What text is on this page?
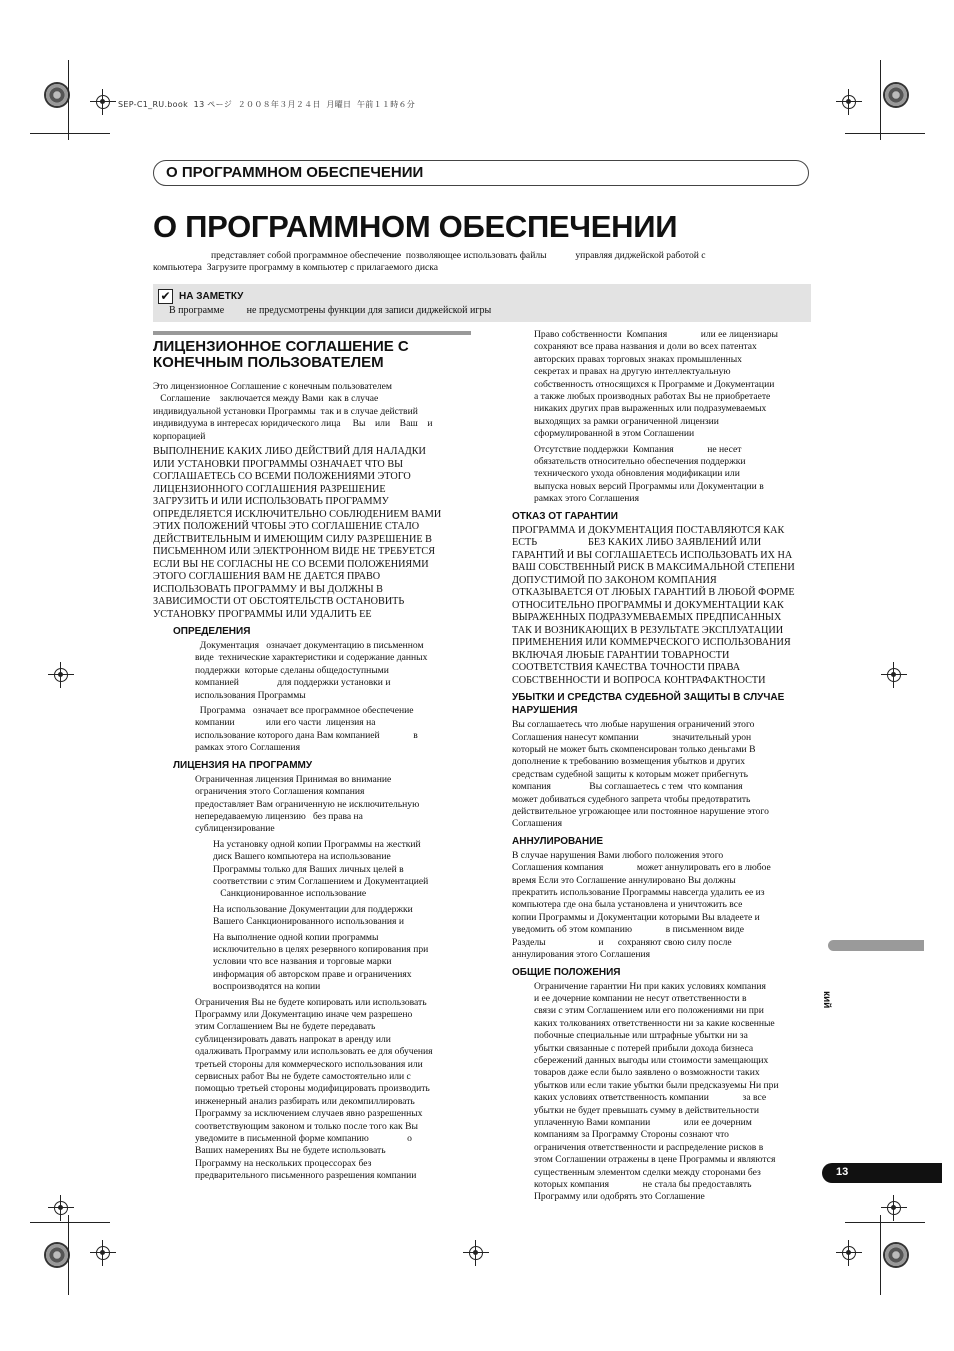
SEP-C1_RU.book  13 ページ  ２００８年３月２４日  月曜日  午前１１時６分
О ПРОГРАММНОМ ОБЕСПЕЧЕНИИ
О ПРОГРАММНОМ ОБЕСПЕЧЕНИИ
представляет собой программное обеспечение  позволяющее использовать файлы            управляя диджейской работой с
компьютера  Загрузите программу в компьютер с прилагаемого диска
✔ НА ЗАМЕТКУ
В программе         не предусмотрены функции для записи диджейской игры
ЛИЦЕНЗИОННОЕ СОГЛАШЕНИЕ С
КОНЕЧНЫМ ПОЛЬЗОВАТЕЛЕМ
Это лицензионное Соглашение с конечным пользователем
Соглашение    заключается между Вами  как в случае
индивидуальной установки Программы  так и в случае действий
индивидуума в интересах юридического лица     Вы    или    Ваш    и
корпорацией
ВЫПОЛНЕНИЕ КАКИХ ЛИБО ДЕЙСТВИЙ ДЛЯ НАЛАДКИ
ИЛИ УСТАНОВКИ ПРОГРАММЫ ОЗНАЧАЕТ ЧТО ВЫ
СОГЛАШАЕТЕСЬ СО ВСЕМИ ПОЛОЖЕНИЯМИ ЭТОГО
ЛИЦЕНЗИОННОГО СОГЛАШЕНИЯ РАЗРЕШЕНИЕ
ЗАГРУЗИТЬ И ИЛИ ИСПОЛЬЗОВАТЬ ПРОГРАММУ
ОПРЕДЕЛЯЕТСЯ ИСКЛЮЧИТЕЛЬНО СОБЛЮДЕНИЕМ ВАМИ
ЭТИХ ПОЛОЖЕНИЙ ЧТОБЫ ЭТО СОГЛАШЕНИЕ СТАЛО
ДЕЙСТВИТЕЛЬНЫМ И ИМЕЮЩИМ СИЛУ РАЗРЕШЕНИЕ В
ПИСЬМЕННОМ ИЛИ ЭЛЕКТРОННОМ ВИДЕ НЕ ТРЕБУЕТСЯ
ЕСЛИ ВЫ НЕ СОГЛАСНЫ НЕ СО ВСЕМИ ПОЛОЖЕНИЯМИ
ЭТОГО СОГЛАШЕНИЯ ВАМ НЕ ДАЕТСЯ ПРАВО
ИСПОЛЬЗОВАТЬ ПРОГРАММУ И ВЫ ДОЛЖНЫ В
ЗАВИСИМОСТИ ОТ ОБСТОЯТЕЛЬСТВ ОСТАНОВИТЬ
УСТАНОВКУ ПРОГРАММЫ ИЛИ УДАЛИТЬ ЕЕ
ОПРЕДЕЛЕНИЯ
Документация   означает документацию в письменном
виде  технические характеристики и содержание данных
поддержки  которые сделаны общедоступными
компанией                для поддержки установки и
использования Программы
Программа   означает все программное обеспечение
компании             или его части  лицензия на
использование которого дана Вам компанией              в
рамках этого Соглашения
ЛИЦЕНЗИЯ НА ПРОГРАММУ
Ограниченная лицензия Принимая во внимание
ограничения этого Соглашения компания
предоставляет Вам ограниченную не исключительную
непередаваемую лицензию   без права на
сублицензирование
На установку одной копии Программы на жесткий
диск Вашего компьютера на использование
Программы только для Ваших личных целей в
соответствии с этим Соглашением и Документацией
Санкционированное использование
На использование Документации для поддержки
Вашего Санкционированного использования и
На выполнение одной копии программы
исключительно в целях резервного копирования при
условии что все названия и торговые марки
информация об авторском праве и ограничениях
воспроизводятся на копии
Ограничения Вы не будете копировать или использовать
Программу или Документацию иначе чем разрешено
этим Соглашением Вы не будете передавать
сублицензировать давать напрокат в аренду или
одалживать Программу или использовать ее для обучения
третьей стороны для коммерческого использования или
сервисных работ Вы не будете самостоятельно или с
помощью третьей стороны модифицировать производить
инженерный анализ разбирать или декомпиллировать
Программу за исключением случаев явно разрешенных
соответствующим законом и только после того как Вы
уведомите в письменной форме компанию                о
Ваших намерениях Вы не будете использовать
Программу на нескольких процессорах без
предварительного письменного разрешения компании
Право собственности  Компания              или ее лицензиары
сохраняют все права названия и доли во всех патентах
авторских правах торговых знаках промышленных
секретах и правах на другую интеллектуальную
собственность относящихся к Программе и Документации
а также любых производных работах Вы не приобретаете
никаких других прав выраженных или подразумеваемых
выходящих за рамки ограниченной лицензии
сформулированной в этом Соглашении
Отсутствие поддержки  Компания              не несет
обязательств относительно обеспечения поддержки
технического ухода обновления модификации или
выпуска новых версий Программы или Документации в
рамках этого Соглашения
ОТКАЗ ОТ ГАРАНТИИ
ПРОГРАММА И ДОКУМЕНТАЦИЯ ПОСТАВЛЯЮТСЯ КАК
ЕСТЬ                    БЕЗ КАКИХ ЛИБО ЗАЯВЛЕНИЙ ИЛИ
ГАРАНТИЙ И ВЫ СОГЛАШАЕТЕСЬ ИСПОЛЬЗОВАТЬ ИХ НА
ВАШ СОБСТВЕННЫЙ РИСК В МАКСИМАЛЬНОЙ СТЕПЕНИ
ДОПУСТИМОЙ ПО ЗАКОНОМ КОМПАНИЯ
ОТКАЗЫВАЕТСЯ ОТ ЛЮБЫХ ГАРАНТИЙ В ЛЮБОЙ ФОРМЕ
ОТНОСИТЕЛЬНО ПРОГРАММЫ И ДОКУМЕНТАЦИИ КАК
ВЫРАЖЕННЫХ ПОДРАЗУМЕВАЕМЫХ ПРЕДПИСАННЫХ
ТАК И ВОЗНИКАЮЩИХ В РЕЗУЛЬТАТЕ ЭКСПЛУАТАЦИИ
ПРИМЕНЕНИЯ ИЛИ КОММЕРЧЕСКОГО ИСПОЛЬЗОВАНИЯ
ВКЛЮЧАЯ ЛЮБЫЕ ГАРАНТИИ ТОВАРНОСТИ
СООТВЕТСТВИЯ КАЧЕСТВА ТОЧНОСТИ ПРАВА
СОБСТВЕННОСТИ И ВОПРОСА КОНТРАФАКТНОСТИ
УБЫТКИ И СРЕДСТВА СУДЕБНОЙ ЗАЩИТЫ В СЛУЧАЕ
НАРУШЕНИЯ
Вы соглашаетесь что любые нарушения ограничений этого
Соглашения нанесут компании              значительный урон
который не может быть скомпенсирован только деньгами В
дополнение к требованию возмещения убытков и других
средствам судебной защиты к которым может прибегнуть
компания                Вы соглашаетесь с тем  что компания
может добиваться судебного запрета чтобы предотвратить
действительное угрожающее или постоянное нарушение этого
Соглашения
АННУЛИРОВАНИЕ
В случае нарушения Вами любого положения этого
Соглашения компания              может аннулировать его в любое
время Если это Соглашение аннулировано Вы должны
прекратить использование Программы навсегда удалить ее из
компьютера где она была установлена и уничтожить все
копии Программы и Документации которыми Вы владеете и
уведомить об этом компанию              в письменном виде
Разделы                      и      сохраняют свою силу после
аннулирования этого Соглашения
ОБЩИЕ ПОЛОЖЕНИЯ
Ограничение гарантии Ни при каких условиях компания
и ее дочерние компании не несут ответственности в
связи с этим Соглашением или его положениями ни при
каких толкованиях ответственности ни за какие косвенные
побочные специальные или штрафные убытки ни за
убытки связанные с потерей прибыли дохода бизнеса
сбережений данных выгоды или стоимости замещающих
товаров даже если было заявлено о возможности таких
убытков или если такие убытки были предсказуемы Ни при
каких условиях ответственность компании              за все
убытки не будет превышать сумму в действительности
уплаченную Вами компании              или ее дочерним
компаниям за Программу Стороны сознают что
ограничения ответственности и распределение рисков в
этом Соглашении отражены в цене Программы и являются
существенным элементом сделки между сторонами без
которых компания              не стала бы предоставлять
Программу или одобрять это Соглашение
кий
13
